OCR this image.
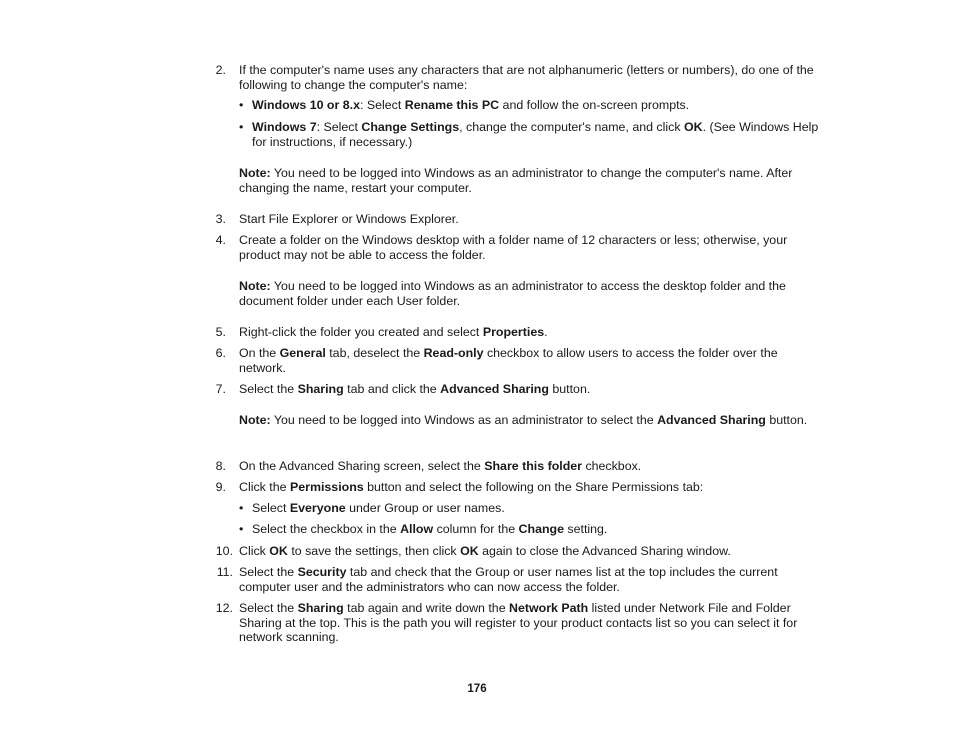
2. If the computer's name uses any characters that are not alphanumeric (letters or numbers), do one of the following to change the computer's name:
• Windows 10 or 8.x: Select Rename this PC and follow the on-screen prompts.
• Windows 7: Select Change Settings, change the computer's name, and click OK. (See Windows Help for instructions, if necessary.)
Note: You need to be logged into Windows as an administrator to change the computer's name. After changing the name, restart your computer.
3. Start File Explorer or Windows Explorer.
4. Create a folder on the Windows desktop with a folder name of 12 characters or less; otherwise, your product may not be able to access the folder.
Note: You need to be logged into Windows as an administrator to access the desktop folder and the document folder under each User folder.
5. Right-click the folder you created and select Properties.
6. On the General tab, deselect the Read-only checkbox to allow users to access the folder over the network.
7. Select the Sharing tab and click the Advanced Sharing button.
Note: You need to be logged into Windows as an administrator to select the Advanced Sharing button.
8. On the Advanced Sharing screen, select the Share this folder checkbox.
9. Click the Permissions button and select the following on the Share Permissions tab:
• Select Everyone under Group or user names.
• Select the checkbox in the Allow column for the Change setting.
10. Click OK to save the settings, then click OK again to close the Advanced Sharing window.
11. Select the Security tab and check that the Group or user names list at the top includes the current computer user and the administrators who can now access the folder.
12. Select the Sharing tab again and write down the Network Path listed under Network File and Folder Sharing at the top. This is the path you will register to your product contacts list so you can select it for network scanning.
176
